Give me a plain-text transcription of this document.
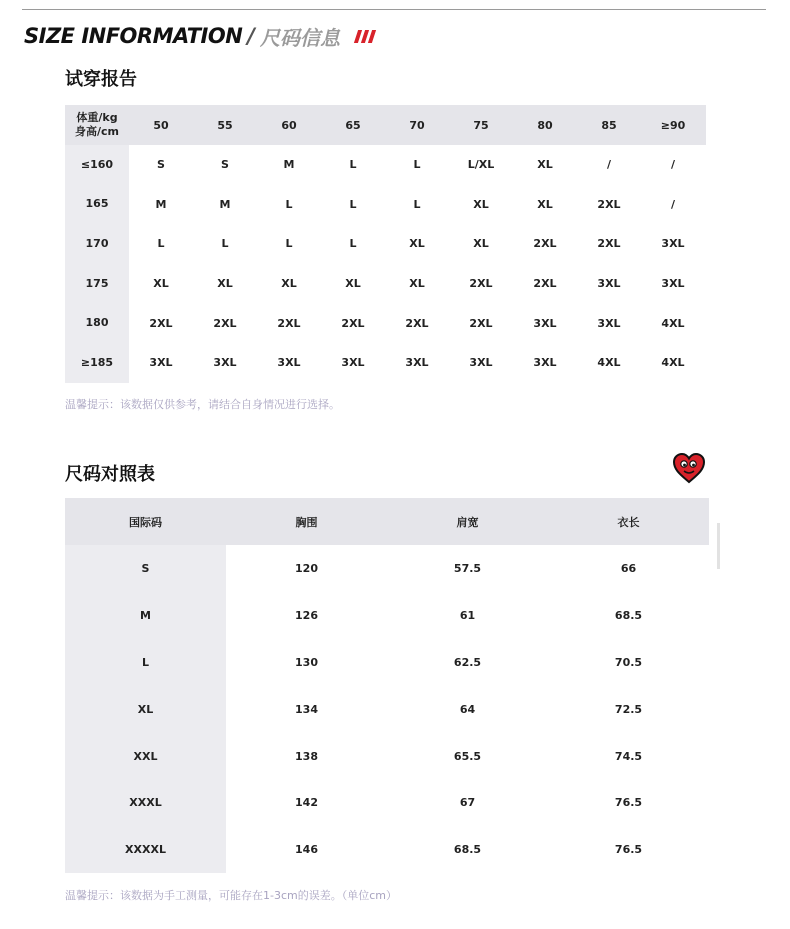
SIZE INFORMATION / 尺码信息
试穿报告
体重/kg
身高/cm	50	55	60	65	70	75	80	85	≥90
≤160	S	S	M	L	L	L/XL	XL	/	/
165	M	M	L	L	L	XL	XL	2XL	/
170	L	L	L	L	XL	XL	2XL	2XL	3XL
175	XL	XL	XL	XL	XL	2XL	2XL	3XL	3XL
180	2XL	2XL	2XL	2XL	2XL	2XL	3XL	3XL	4XL
≥185	3XL	3XL	3XL	3XL	3XL	3XL	3XL	4XL	4XL
温馨提示：该数据仅供参考，请结合自身情况进行选择。
尺码对照表
国际码	胸围	肩宽	衣长
S	120	57.5	66
M	126	61	68.5
L	130	62.5	70.5
XL	134	64	72.5
XXL	138	65.5	74.5
XXXL	142	67	76.5
XXXXL	146	68.5	76.5
温馨提示：该数据为手工测量，可能存在1-3cm的误差。（单位cm）
